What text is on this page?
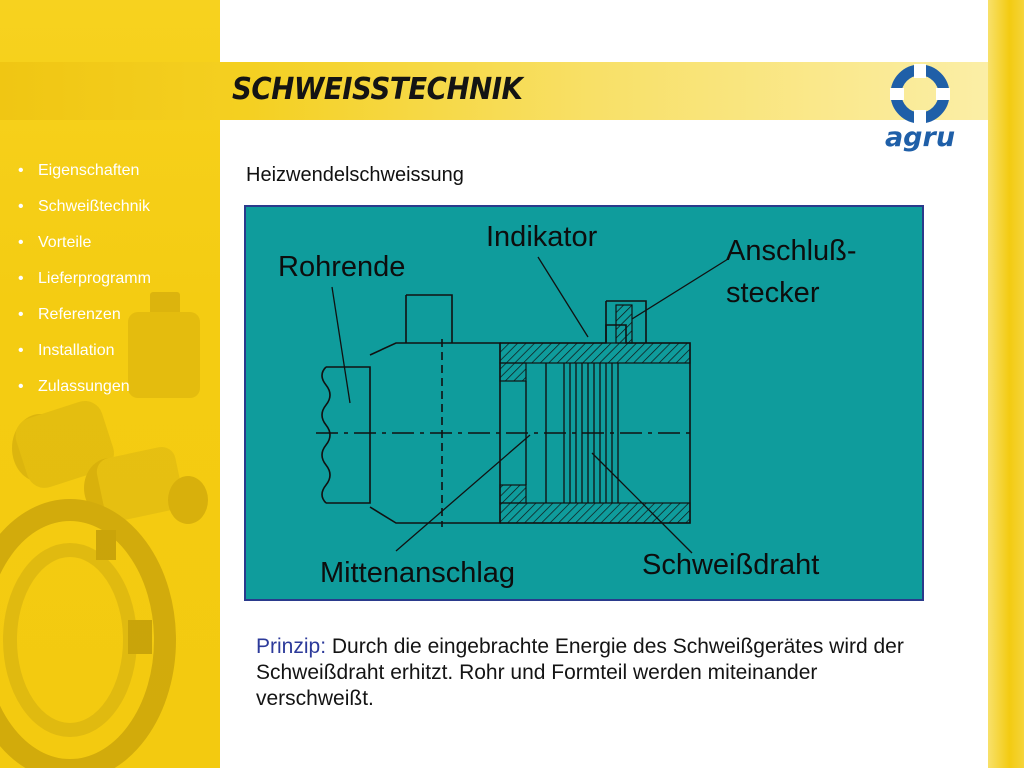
• Eigenschaften
• Schweißtechnik
• Vorteile
• Lieferprogramm
• Referenzen
• Installation
• Zulassungen
SCHWEISSTECHNIK
agru
Heizwendelschweissung
Indikator	Anschluß-
stecker
Rohrende
Mittenanschlag	Schweißdraht
Prinzip: Durch die eingebrachte Energie des Schweißgerätes wird der Schweißdraht erhitzt. Rohr und Formteil werden miteinander verschweißt.
